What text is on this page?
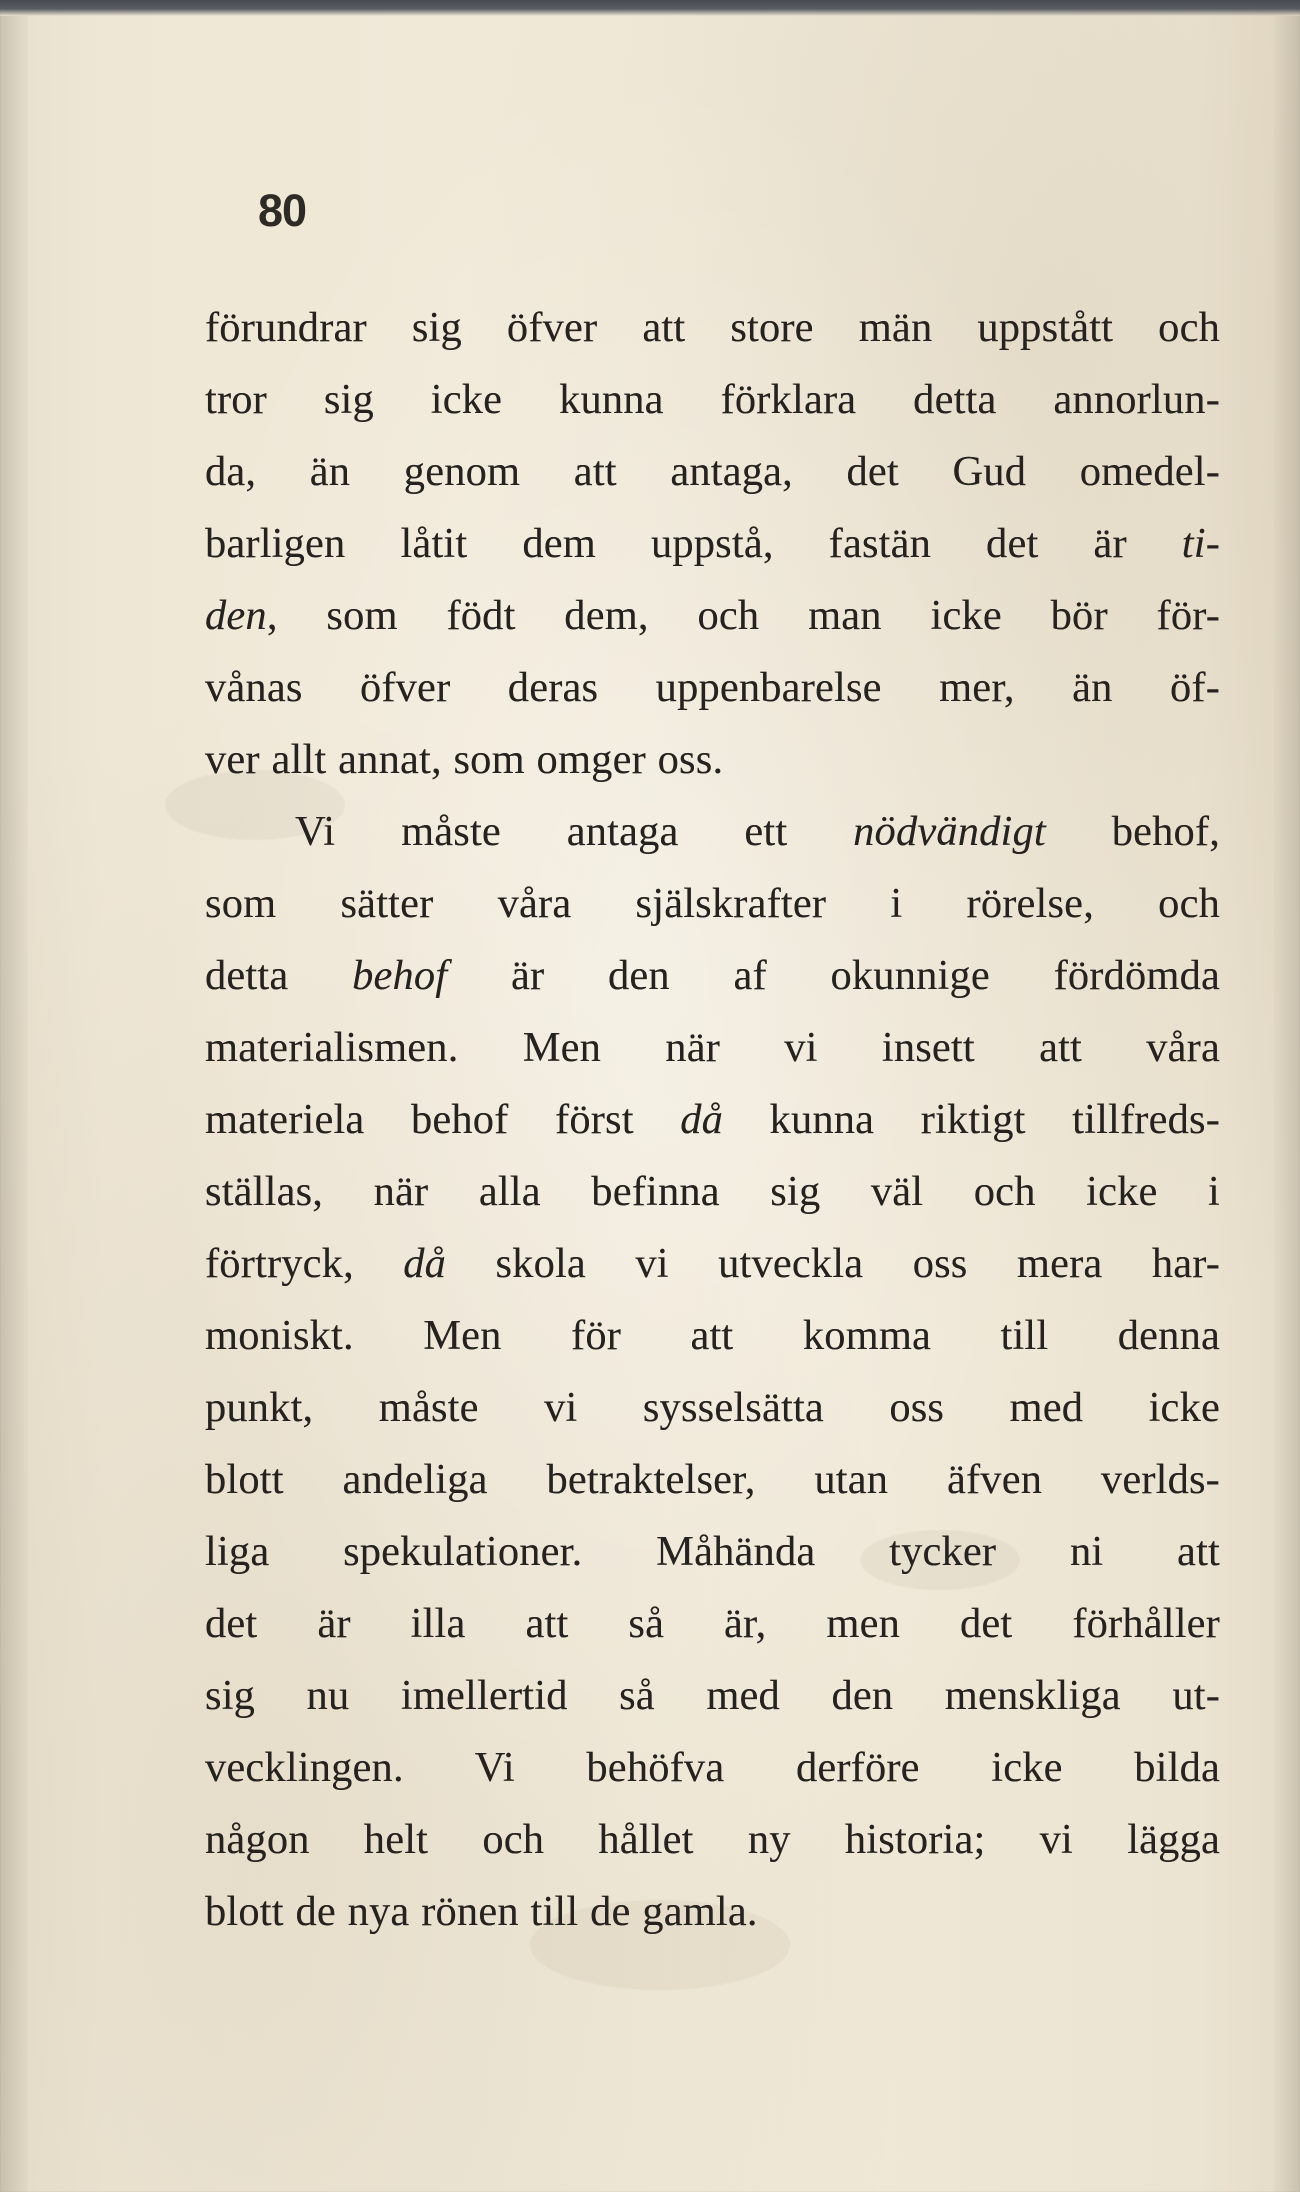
80

förundrar sig öfver att store män uppstått och

tror sig icke kunna förklara detta annorlun-

da, än genom att antaga, det Gud omedel-

barligen låtit dem uppstå, fastän det är ti-

den, som födt dem, och man icke bör för-

vånas öfver deras uppenbarelse mer, än öf-

ver allt annat, som omger oss.

Vi måste antaga ett nödvändigt behof,

som sätter våra själskrafter i rörelse, och

detta behof är den af okunnige fördömda

materialismen. Men när vi insett att våra

materiela behof först då kunna riktigt tillfreds-

ställas, när alla befinna sig väl och icke i

förtryck, då skola vi utveckla oss mera har-

moniskt. Men för att komma till denna

punkt, måste vi sysselsätta oss med icke

blott andeliga betraktelser, utan äfven verlds-

liga spekulationer. Måhända tycker ni att

det är illa att så är, men det förhåller

sig nu imellertid så med den menskliga ut-

vecklingen. Vi behöfva derföre icke bilda

någon helt och hållet ny historia; vi lägga

blott de nya rönen till de gamla.
